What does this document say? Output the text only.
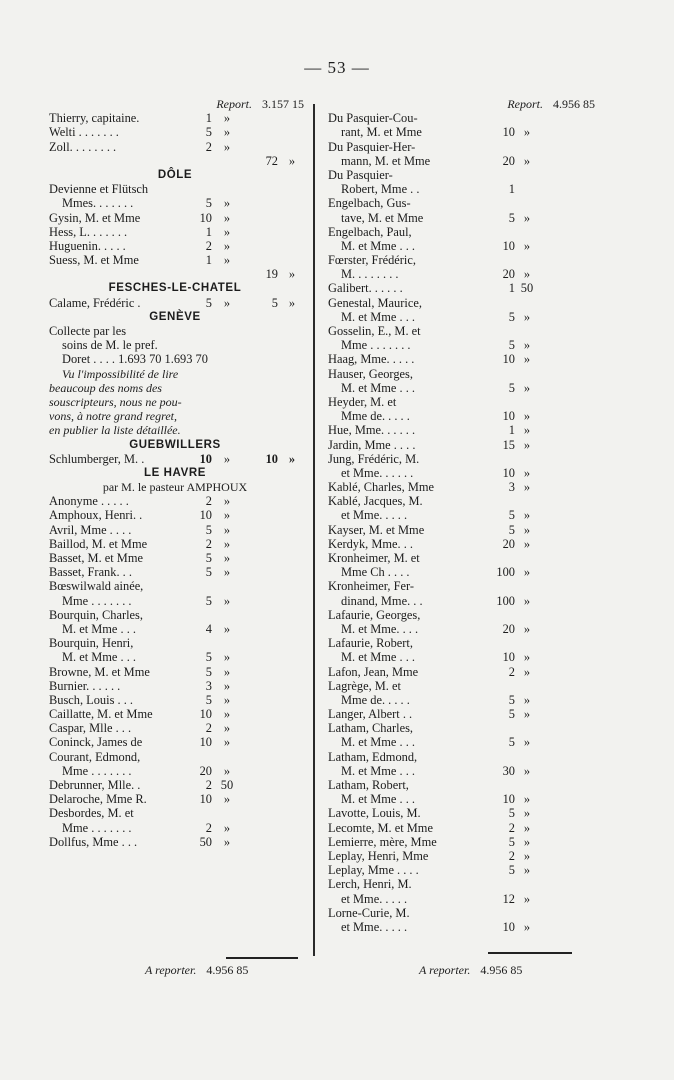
— 53 —
Report. 3.157 15
Thierry, capitaine.	1 »
Welti . . . . . . .	5 »
Zoll. . . . . . . .	2 »
72 »
DÔLE
Devienne et Flütsch
Mmes. . . . . . .	5 »
Gysin, M. et Mme	10 »
Hess, L. . . . . . .	1 »
Huguenin. . . . .	2 »
Suess, M. et Mme	1 »
19 »
FESCHES-LE-CHATEL
Calame, Frédéric .	5 »	5 »
GENÈVE
Collecte par les
soins de M. le pref.
Doret . . . . 1.693 70 1.693 70
Vu l'impossibilité de lire
beaucoup des noms des
souscripteurs, nous ne pou-
vons, à notre grand regret,
en publier la liste détaillée.
GUEBWILLERS
Schlumberger, M. .	10 »	10 »
LE HAVRE
par M. le pasteur AMPHOUX
Anonyme . . . . .	2 »
Amphoux, Henri. .	10 »
Avril, Mme . . . .	5 »
Baillod, M. et Mme	2 »
Basset, M. et Mme	5 »
Basset, Frank. . .	5 »
Bœswilwald ainée,
Mme . . . . . . .	5 »
Bourquin, Charles,
M. et Mme . . .	4 »
Bourquin, Henri,
M. et Mme . . .	5 »
Browne, M. et Mme	5 »
Burnier. . . . . .	3 »
Busch, Louis . . .	5 »
Caillatte, M. et Mme	10 »
Caspar, Mlle . . .	2 »
Coninck, James de	10 »
Courant, Edmond,
Mme . . . . . . .	20 »
Debrunner, Mlle. .	2 50
Delaroche, Mme R.	10 »
Desbordes, M. et
Mme . . . . . . .	2 »
Dollfus, Mme . . .	50 »
Report. 4.956 85
Du Pasquier-Cou-
rant, M. et Mme	10 »
Du Pasquier-Her-
mann, M. et Mme	20 »
Du Pasquier-
Robert, Mme . .	1
Engelbach, Gus-
tave, M. et Mme	5 »
Engelbach, Paul,
M. et Mme . . .	10 »
Fœrster, Frédéric,
M. . . . . . . .	20 »
Galibert. . . . . .	1 50
Genestal, Maurice,
M. et Mme . . .	5 »
Gosselin, E., M. et
Mme . . . . . . .	5 »
Haag, Mme. . . . .	10 »
Hauser, Georges,
M. et Mme . . .	5 »
Heyder, M. et
Mme de. . . . .	10 »
Hue, Mme. . . . . .	1 »
Jardin, Mme . . . .	15 »
Jung, Frédéric, M.
et Mme. . . . . .	10 »
Kablé, Charles, Mme	3 »
Kablé, Jacques, M.
et Mme. . . . .	5 »
Kayser, M. et Mme	5 »
Kerdyk, Mme. . .	20 »
Kronheimer, M. et
Mme Ch . . . .	100 »
Kronheimer, Fer-
dinand, Mme. . .	100 »
Lafaurie, Georges,
M. et Mme. . . .	20 »
Lafaurie, Robert,
M. et Mme . . .	10 »
Lafon, Jean, Mme	2 »
Lagrège, M. et
Mme de. . . . .	5 »
Langer, Albert . .	5 »
Latham, Charles,
M. et Mme . . .	5 »
Latham, Edmond,
M. et Mme . . .	30 »
Latham, Robert,
M. et Mme . . .	10 »
Lavotte, Louis, M.	5 »
Lecomte, M. et Mme	2 »
Lemierre, mère, Mme	5 »
Leplay, Henri, Mme	2 »
Leplay, Mme . . . .	5 »
Lerch, Henri, M.
et Mme. . . . .	12 »
Lorne-Curie, M.
et Mme. . . . .	10 »
A reporter. 4.956 85	A reporter. 4.956 85
